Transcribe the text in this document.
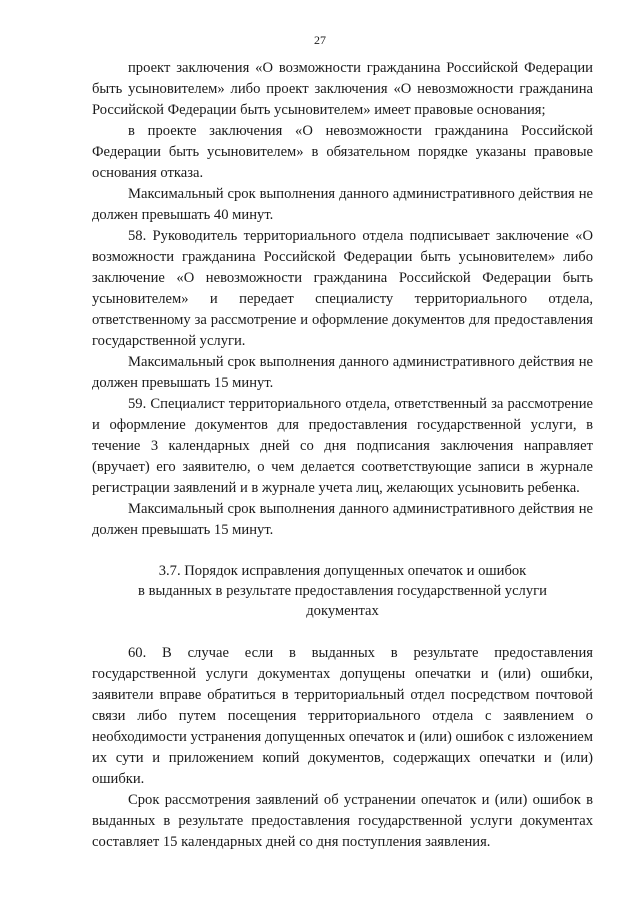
27

проект заключения «О возможности гражданина Российской Федерации быть усыновителем» либо проект заключения «О невозможности гражданина Российской Федерации быть усыновителем» имеет правовые основания;

в проекте заключения «О невозможности гражданина Российской Федерации быть усыновителем» в обязательном порядке указаны правовые основания отказа.

Максимальный срок выполнения данного административного действия не должен превышать 40 минут.

58. Руководитель территориального отдела подписывает заключение «О возможности гражданина Российской Федерации быть усыновителем» либо заключение «О невозможности гражданина Российской Федерации быть усыновителем» и передает специалисту территориального отдела, ответственному за рассмотрение и оформление документов для предоставления государственной услуги.

Максимальный срок выполнения данного административного действия не должен превышать 15 минут.

59. Специалист территориального отдела, ответственный за рассмотрение и оформление документов для предоставления государственной услуги, в течение 3 календарных дней со дня подписания заключения направляет (вручает) его заявителю, о чем делается соответствующие записи в журнале регистрации заявлений и в журнале учета лиц, желающих усыновить ребенка.

Максимальный срок выполнения данного административного действия не должен превышать 15 минут.

3.7. Порядок исправления допущенных опечаток и ошибок
в выданных в результате предоставления государственной услуги
документах

60. В случае если в выданных в результате предоставления государственной услуги документах допущены опечатки и (или) ошибки, заявители вправе обратиться в территориальный отдел посредством почтовой связи либо путем посещения территориального отдела с заявлением о необходимости устранения допущенных опечаток и (или) ошибок с изложением их сути и приложением копий документов, содержащих опечатки и (или) ошибки.

Срок рассмотрения заявлений об устранении опечаток и (или) ошибок в выданных в результате предоставления государственной услуги документах составляет 15 календарных дней со дня поступления заявления.
